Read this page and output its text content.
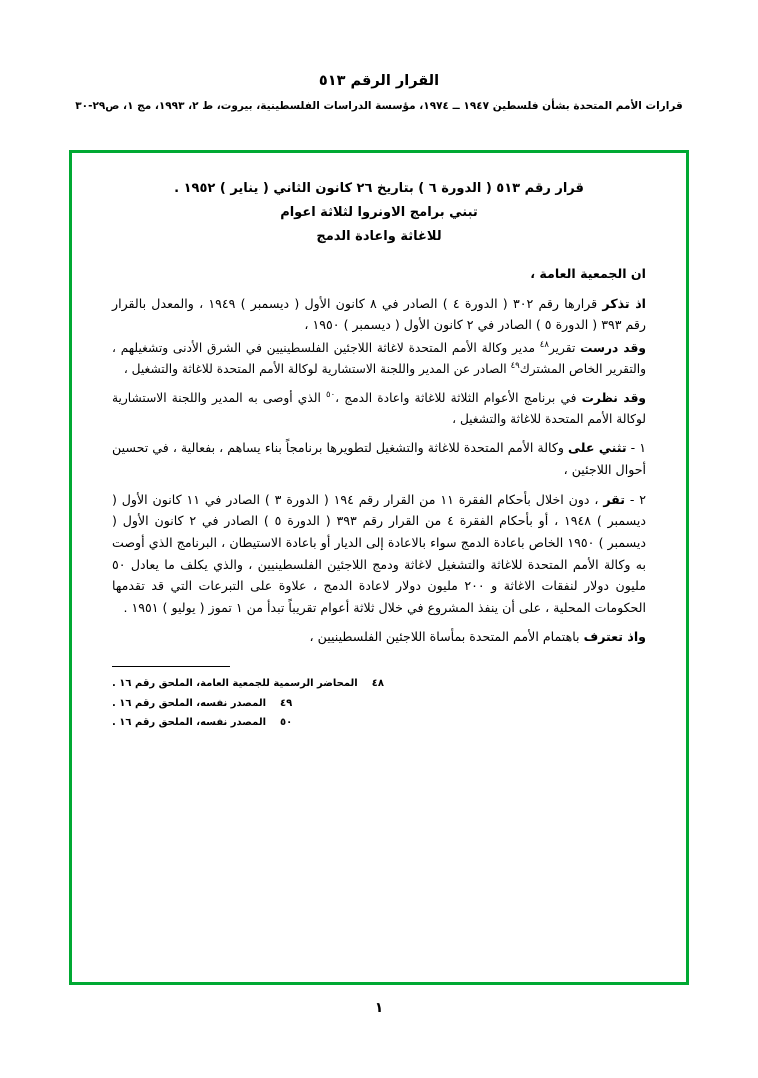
القرار الرقم ٥١٣
قرارات الأمم المتحدة بشأن فلسطين ١٩٤٧ ــ ١٩٧٤، مؤسسة الدراسات الفلسطينية، بيروت، ط ٢، ١٩٩٣، مج ١، ص٢٩-٣٠
قرار رقم ٥١٣ ( الدورة ٦ ) بتاريخ ٢٦ كانون الثاني ( يناير ) ١٩٥٢ .
تبني برامج الاونروا لثلاثة اعوام
للاغاثة واعادة الدمج

ان الجمعية العامة ،

اذ تذكر قرارها رقم ٣٠٢ ( الدورة ٤ ) الصادر في ٨ كانون الأول ( ديسمبر ) ١٩٤٩ ، والمعدل بالقرار رقم ٣٩٣ ( الدورة ٥ ) الصادر في ٢ كانون الأول ( ديسمبر ) ١٩٥٠ ،

وقد درست تقرير$^{٤٨}$ مدير وكالة الأمم المتحدة لاغاثة اللاجئين الفلسطينيين في الشرق الأدنى وتشغيلهم ، والتقرير الخاص المشترك$^{٤٩}$ الصادر عن المدير واللجنة الاستشارية لوكالة الأمم المتحدة للاغاثة والتشغيل ،

وقد نظرت في برنامج الأعوام الثلاثة للاغاثة واعادة الدمج ،$^{٥٠}$ الذي أوصى به المدير واللجنة الاستشارية لوكالة الأمم المتحدة للاغاثة والتشغيل ،

١ - تثني على وكالة الأمم المتحدة للاغاثة والتشغيل لتطويرها برنامجاً بناء يساهم ، بفعالية ، في تحسين أحوال اللاجئين ،

٢ - تقر ، دون اخلال بأحكام الفقرة ١١ من القرار رقم ١٩٤ ( الدورة ٣ ) الصادر في ١١ كانون الأول ( ديسمبر ) ١٩٤٨ ، أو بأحكام الفقرة ٤ من القرار رقم ٣٩٣ ( الدورة ٥ ) الصادر في ٢ كانون الأول ( ديسمبر ) ١٩٥٠ الخاص باعادة الدمج سواء بالاعادة إلى الديار أو باعادة الاستيطان ، البرنامج الذي أوصت به وكالة الأمم المتحدة للاغاثة والتشغيل لاغاثة ودمج اللاجئين الفلسطينيين ، والذي يكلف ما يعادل ٥٠ مليون دولار لنفقات الاغاثة و ٢٠٠ مليون دولار لاعادة الدمج ، علاوة على التبرعات التي قد تقدمها الحكومات المحلية ، على أن ينفذ المشروع في خلال ثلاثة أعوام تقريباً تبدأ من ١ تموز ( يوليو ) ١٩٥١ .

واذ تعترف باهتمام الأمم المتحدة بمأساة اللاجئين الفلسطينيين ،

٤٨المحاضر الرسمية للجمعية العامة، الملحق رقم ١٦ .
٤٩المصدر نفسه، الملحق رقم ١٦ .
٥٠المصدر نفسه، الملحق رقم ١٦ .
١
